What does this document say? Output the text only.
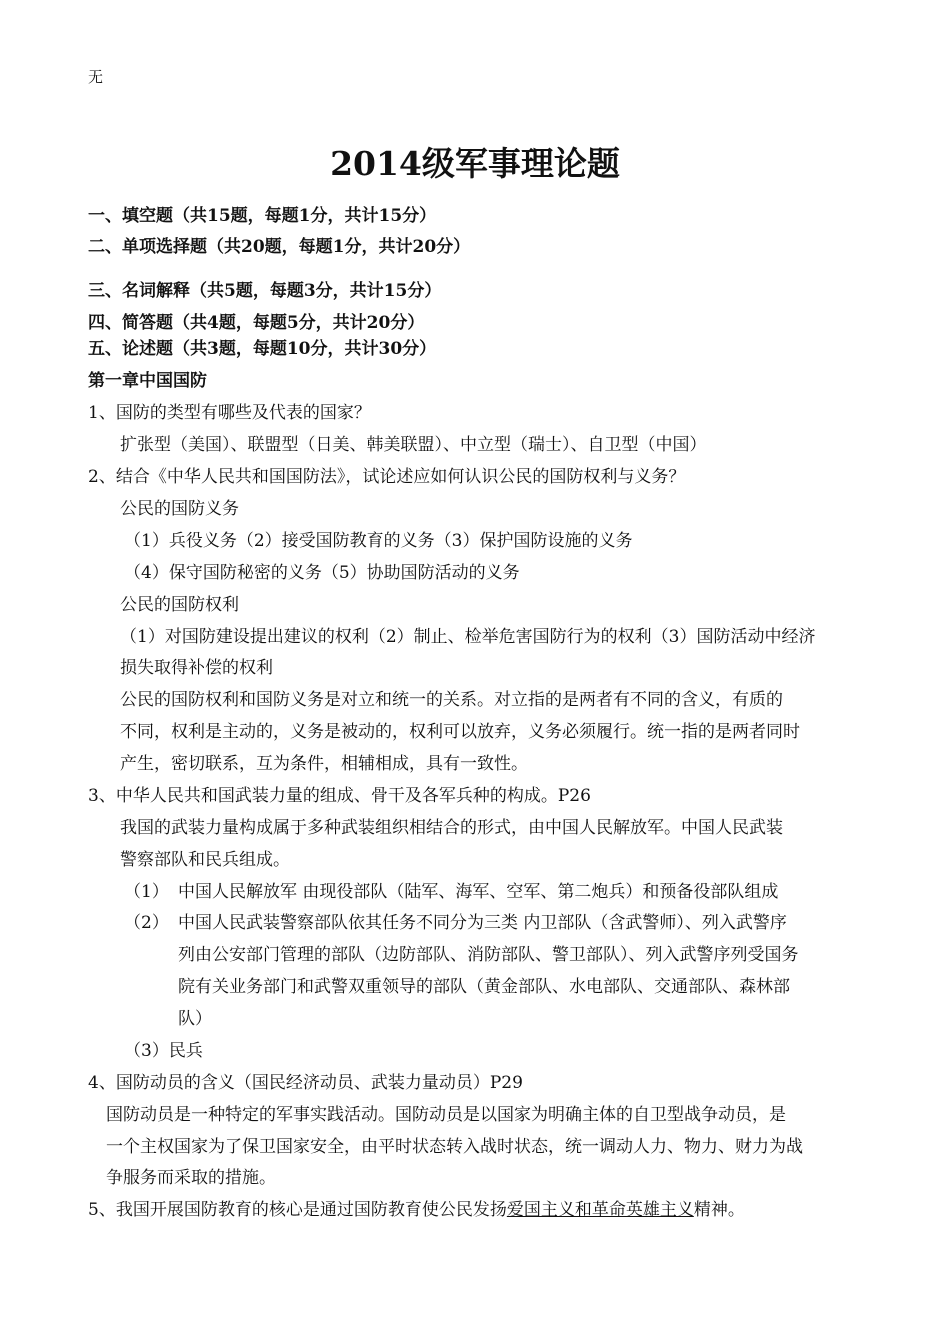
无
2014级军事理论题
一、填空题（共15题，每题1分，共计15分）
二、单项选择题（共20题，每题1分，共计20分）
三、名词解释（共5题，每题3分，共计15分）
四、简答题（共4题，每题5分，共计20分）
五、论述题（共3题，每题10分，共计30分）
第一章中国国防
1、国防的类型有哪些及代表的国家？
扩张型（美国）、联盟型（日美、韩美联盟）、中立型（瑞士）、自卫型（中国）
2、结合《中华人民共和国国防法》，试论述应如何认识公民的国防权利与义务？
公民的国防义务
（1）兵役义务（2）接受国防教育的义务（3）保护国防设施的义务
（4）保守国防秘密的义务（5）协助国防活动的义务
公民的国防权利
（1）对国防建设提出建议的权利（2）制止、检举危害国防行为的权利（3）国防活动中经济
损失取得补偿的权利
公民的国防权利和国防义务是对立和统一的关系。对立指的是两者有不同的含义，有质的
不同，权利是主动的，义务是被动的，权利可以放弃，义务必须履行。统一指的是两者同时
产生，密切联系，互为条件，相辅相成，具有一致性。
3、中华人民共和国武装力量的组成、骨干及各军兵种的构成。P26
我国的武装力量构成属于多种武装组织相结合的形式，由中国人民解放军。中国人民武装
警察部队和民兵组成。
（1） 中国人民解放军 由现役部队（陆军、海军、空军、第二炮兵）和预备役部队组成
（2） 中国人民武装警察部队依其任务不同分为三类 内卫部队（含武警师）、列入武警序
列由公安部门管理的部队（边防部队、消防部队、警卫部队）、列入武警序列受国务
院有关业务部门和武警双重领导的部队（黄金部队、水电部队、交通部队、森林部
队）
（3）民兵
4、国防动员的含义（国民经济动员、武装力量动员）P29
国防动员是一种特定的军事实践活动。国防动员是以国家为明确主体的自卫型战争动员，是
一个主权国家为了保卫国家安全，由平时状态转入战时状态，统一调动人力、物力、财力为战
争服务而采取的措施。
5、我国开展国防教育的核心是通过国防教育使公民发扬爱国主义和革命英雄主义精神。
